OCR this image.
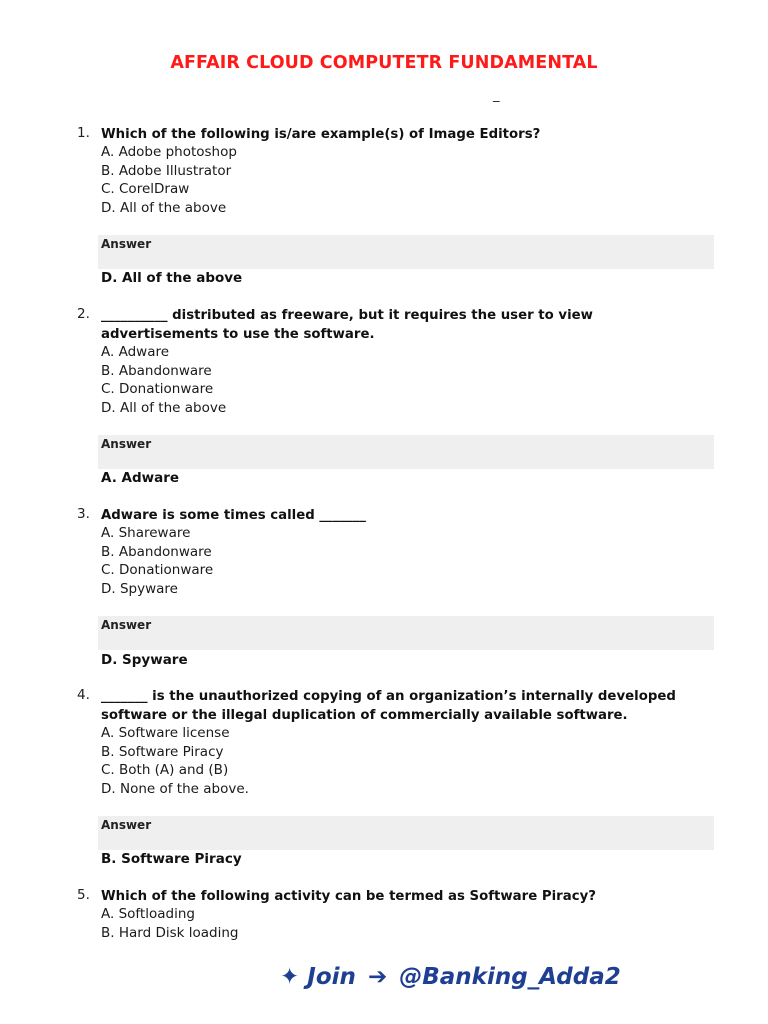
AFFAIR CLOUD COMPUTETR FUNDAMENTAL
_
1. Which of the following is/are example(s) of Image Editors?
A. Adobe photoshop
B. Adobe Illustrator
C. CorelDraw
D. All of the above
Answer
D. All of the above
2. __________ distributed as freeware, but it requires the user to view advertisements to use the software.
A. Adware
B. Abandonware
C. Donationware
D. All of the above
Answer
A. Adware
3. Adware is some times called _______
A. Shareware
B. Abandonware
C. Donationware
D. Spyware
Answer
D. Spyware
4. _______ is the unauthorized copying of an organization’s internally developed software or the illegal duplication of commercially available software.
A. Software license
B. Software Piracy
C. Both (A) and (B)
D. None of the above.
Answer
B. Software Piracy
5. Which of the following activity can be termed as Software Piracy?
A. Softloading
B. Hard Disk loading
✦ Join ➔ @Banking_Adda2
